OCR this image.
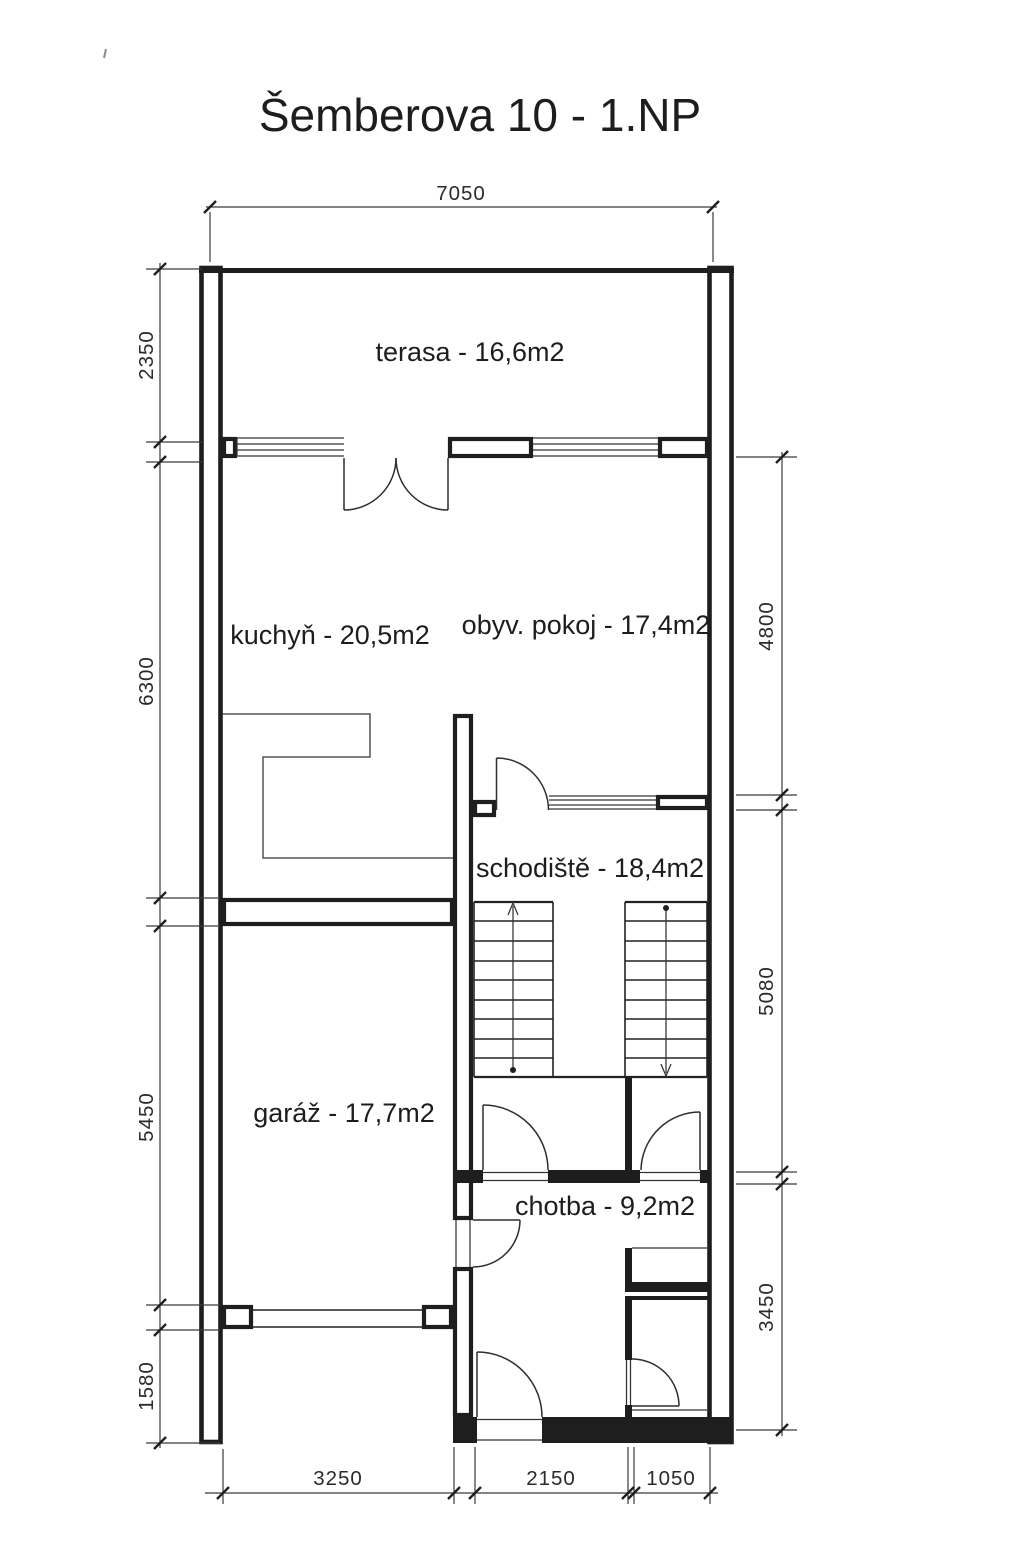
Šemberova 10 - 1.NP
terasa - 16,6m2
kuchyň - 20,5m2 obyv. pokoj - 17,4m2
schodiště - 18,4m2
garáž - 17,7m2
chotba - 9,2m2
7050
2350
6300
5450
1580
4800
5080
3450
3250	2150	1050
